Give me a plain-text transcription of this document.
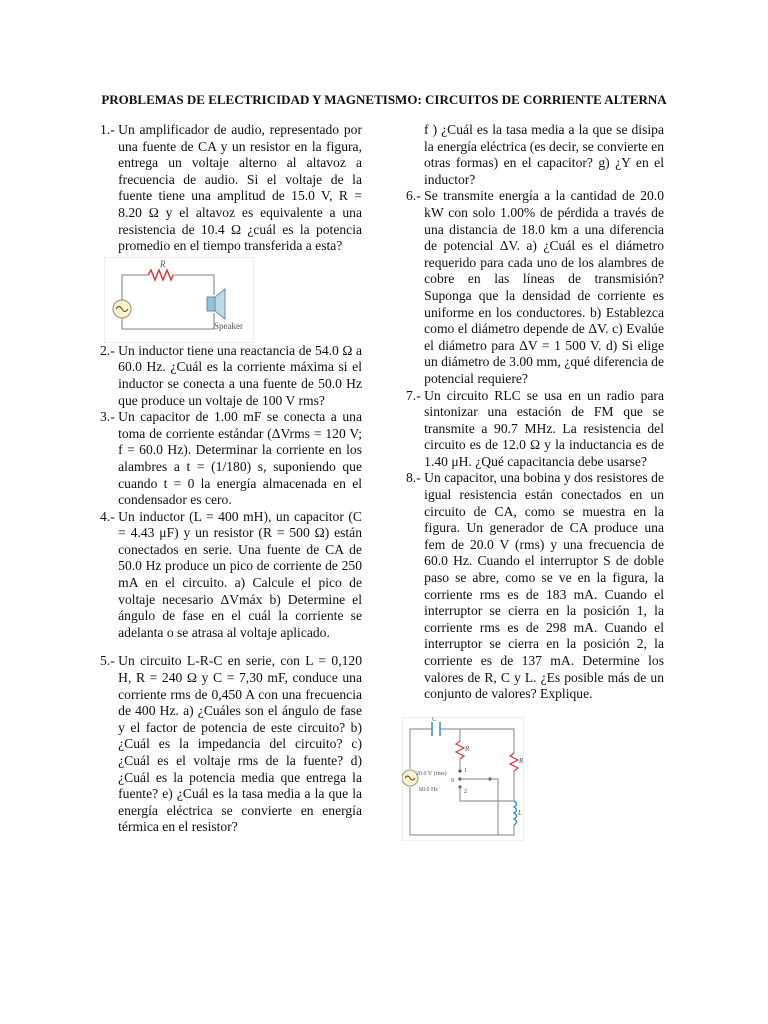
PROBLEMAS DE ELECTRICIDAD Y MAGNETISMO: CIRCUITOS DE CORRIENTE ALTERNA
1.-
Un amplificador de audio, representado por una fuente de CA y un resistor en la figura, entrega un voltaje alterno al altavoz a frecuencia de audio. Si el voltaje de la fuente tiene una amplitud de 15.0 V, R = 8.20 Ω y el altavoz es equivalente a una resistencia de 10.4 Ω ¿cuál es la potencia promedio en el tiempo transferida a esta?
R
Speaker
2.-
Un inductor tiene una reactancia de 54.0 Ω a 60.0 Hz. ¿Cuál es la corriente máxima si el inductor se conecta a una fuente de 50.0 Hz que produce un voltaje de 100 V rms?
3.-
Un capacitor de 1.00 mF se conecta a una toma de corriente estándar (ΔVrms = 120 V; f = 60.0 Hz). Determinar la corriente en los alambres a t = (1/180) s, suponiendo que cuando t = 0 la energía almacenada en el condensador es cero.
4.-
Un inductor (L = 400 mH), un capacitor (C = 4.43 μF) y un resistor (R = 500 Ω) están conectados en serie. Una fuente de CA de 50.0 Hz produce un pico de corriente de 250 mA en el circuito. a) Calcule el pico de voltaje necesario ΔVmáx b) Determine el ángulo de fase en el cuál la corriente se adelanta o se atrasa al voltaje aplicado.
5.-
Un circuito L-R-C en serie, con L = 0,120 H, R = 240 Ω y C = 7,30 mF, conduce una corriente rms de 0,450 A con una frecuencia de 400 Hz. a) ¿Cuáles son el ángulo de fase y el factor de potencia de este circuito? b) ¿Cuál es la impedancia del circuito? c) ¿Cuál es el voltaje rms de la fuente? d) ¿Cuál es la potencia media que entrega la fuente? e) ¿Cuál es la tasa media a la que la energía eléctrica se convierte en energía térmica en el resistor?
f ) ¿Cuál es la tasa media a la que se disipa la energía eléctrica (es decir, se convierte en otras formas) en el capacitor? g) ¿Y en el inductor?
6.-
Se transmite energía a la cantidad de 20.0 kW con solo 1.00% de pérdida a través de una distancia de 18.0 km a una diferencia de potencial ΔV. a) ¿Cuál es el diámetro requerido para cada uno de los alambres de cobre en las líneas de transmisión? Suponga que la densidad de corriente es uniforme en los conductores. b) Establezca como el diámetro depende de ΔV. c) Evalúe el diámetro para ΔV = 1 500 V. d) Si elige un diámetro de 3.00 mm, ¿qué diferencia de potencial requiere?
7.-
Un circuito RLC se usa en un radio para sintonizar una estación de FM que se transmite a 90.7 MHz. La resistencia del circuito es de 12.0 Ω y la inductancia es de 1.40 μH. ¿Qué capacitancia debe usarse?
8.-
Un capacitor, una bobina y dos resistores de igual resistencia están conectados en un circuito de CA, como se muestra en la figura. Un generador de CA produce una fem de 20.0 V (rms) y una frecuencia de 60.0 Hz. Cuando el interruptor S de doble paso se abre, como se ve en la figura, la corriente rms es de 183 mA. Cuando el interruptor se cierra en la posición 1, la corriente rms es de 298 mA. Cuando el interruptor se cierra en la posición 2, la corriente es de 137 mA. Determine los valores de R, C y L. ¿Es posible más de un conjunto de valores? Explique.
C
R
R
L
20.0 V (rms)
60.0 Hz
S
1
2
